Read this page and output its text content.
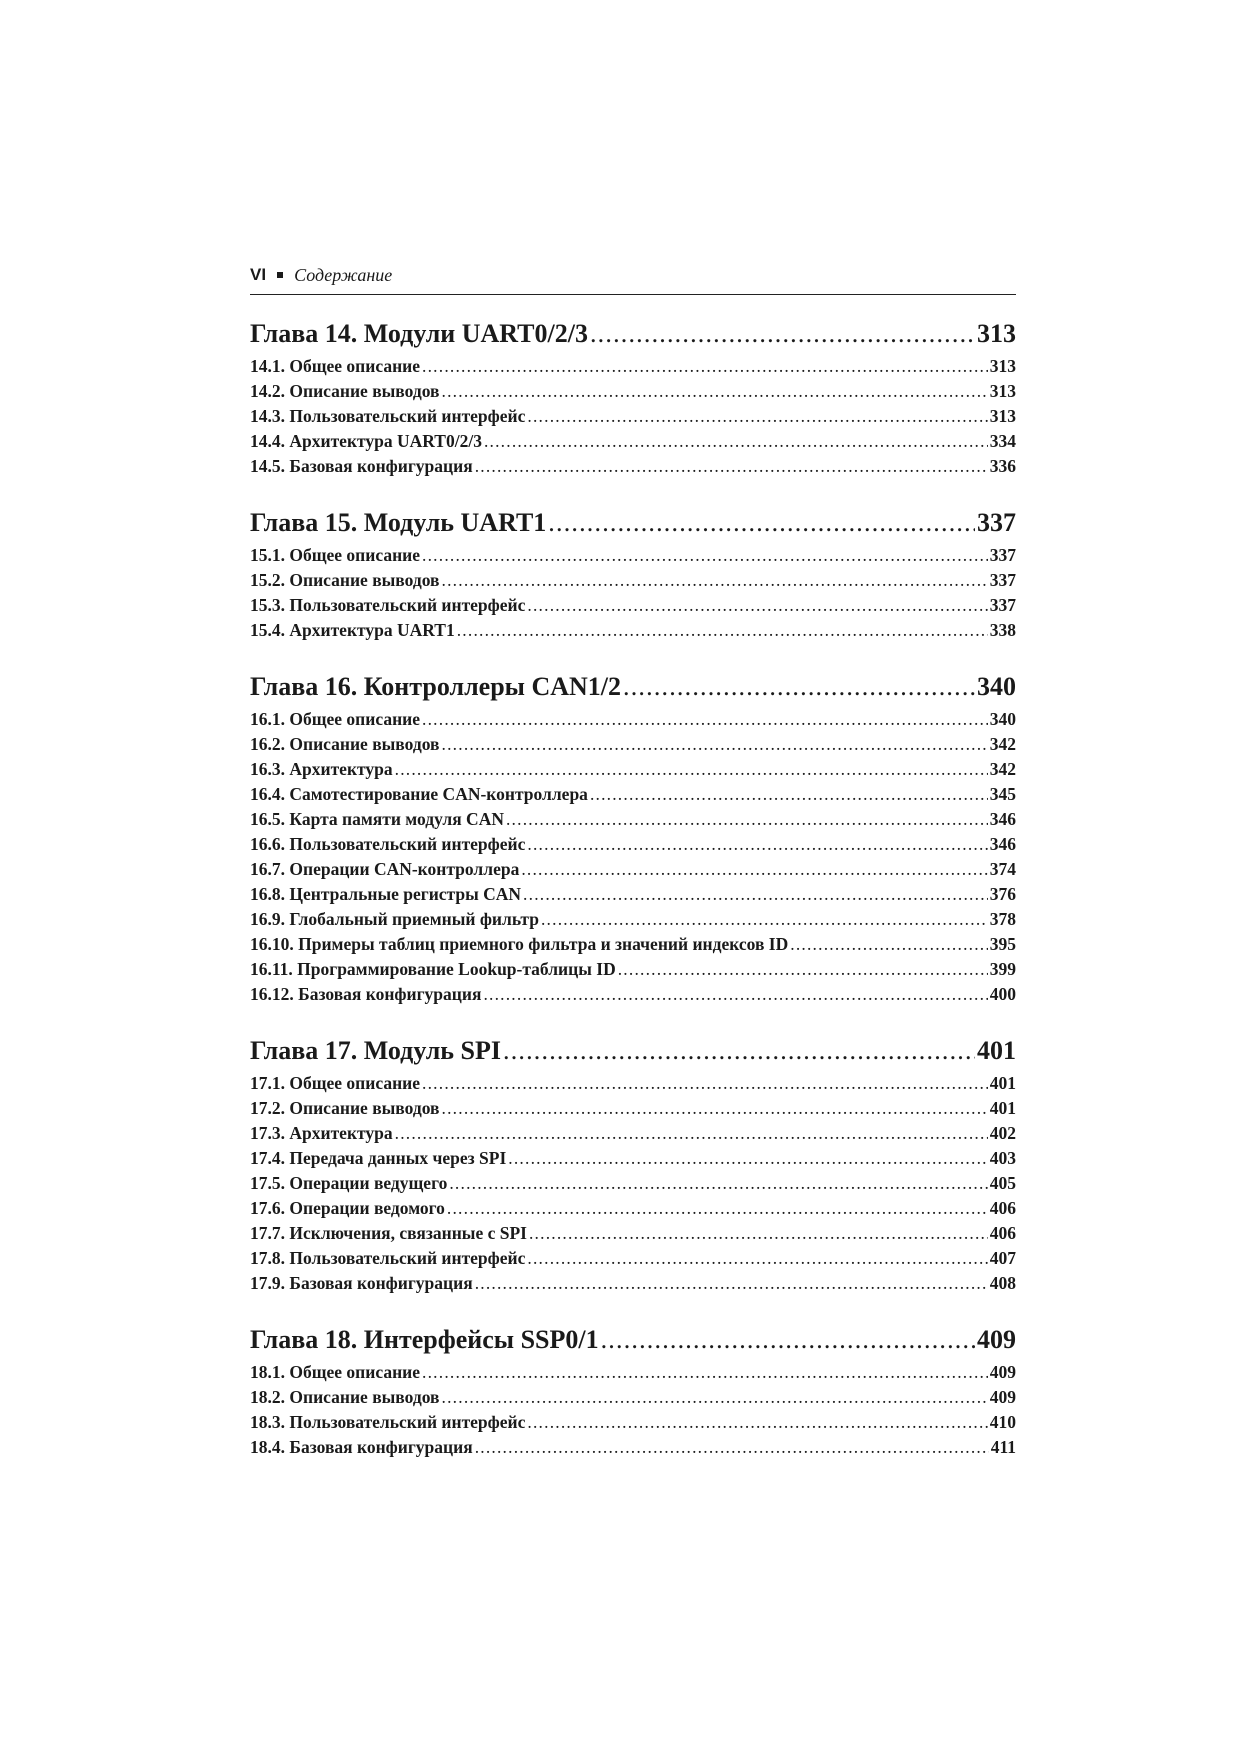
VI Содержание
Глава 14. Модули UART0/2/3 .....	313
14.1. Общее описание .....	313
14.2. Описание выводов .....	313
14.3. Пользовательский интерфейс .....	313
14.4. Архитектура UART0/2/3 .....	334
14.5. Базовая конфигурация .....	336
Глава 15. Модуль UART1 .....	337
15.1. Общее описание .....	337
15.2. Описание выводов .....	337
15.3. Пользовательский интерфейс .....	337
15.4. Архитектура UART1 .....	338
Глава 16. Контроллеры CAN1/2 .....	340
16.1. Общее описание .....	340
16.2. Описание выводов .....	342
16.3. Архитектура .....	342
16.4. Самотестирование CAN-контроллера .....	345
16.5. Карта памяти модуля CAN .....	346
16.6. Пользовательский интерфейс .....	346
16.7. Операции CAN-контроллера .....	374
16.8. Центральные регистры CAN .....	376
16.9. Глобальный приемный фильтр .....	378
16.10. Примеры таблиц приемного фильтра и значений индексов ID .....	395
16.11. Программирование Lookup-таблицы ID .....	399
16.12. Базовая конфигурация .....	400
Глава 17. Модуль SPI .....	401
17.1. Общее описание .....	401
17.2. Описание выводов .....	401
17.3. Архитектура .....	402
17.4. Передача данных через SPI .....	403
17.5. Операции ведущего .....	405
17.6. Операции ведомого .....	406
17.7. Исключения, связанные с SPI .....	406
17.8. Пользовательский интерфейс .....	407
17.9. Базовая конфигурация .....	408
Глава 18. Интерфейсы SSP0/1 .....	409
18.1. Общее описание .....	409
18.2. Описание выводов .....	409
18.3. Пользовательский интерфейс .....	410
18.4. Базовая конфигурация .....	411
